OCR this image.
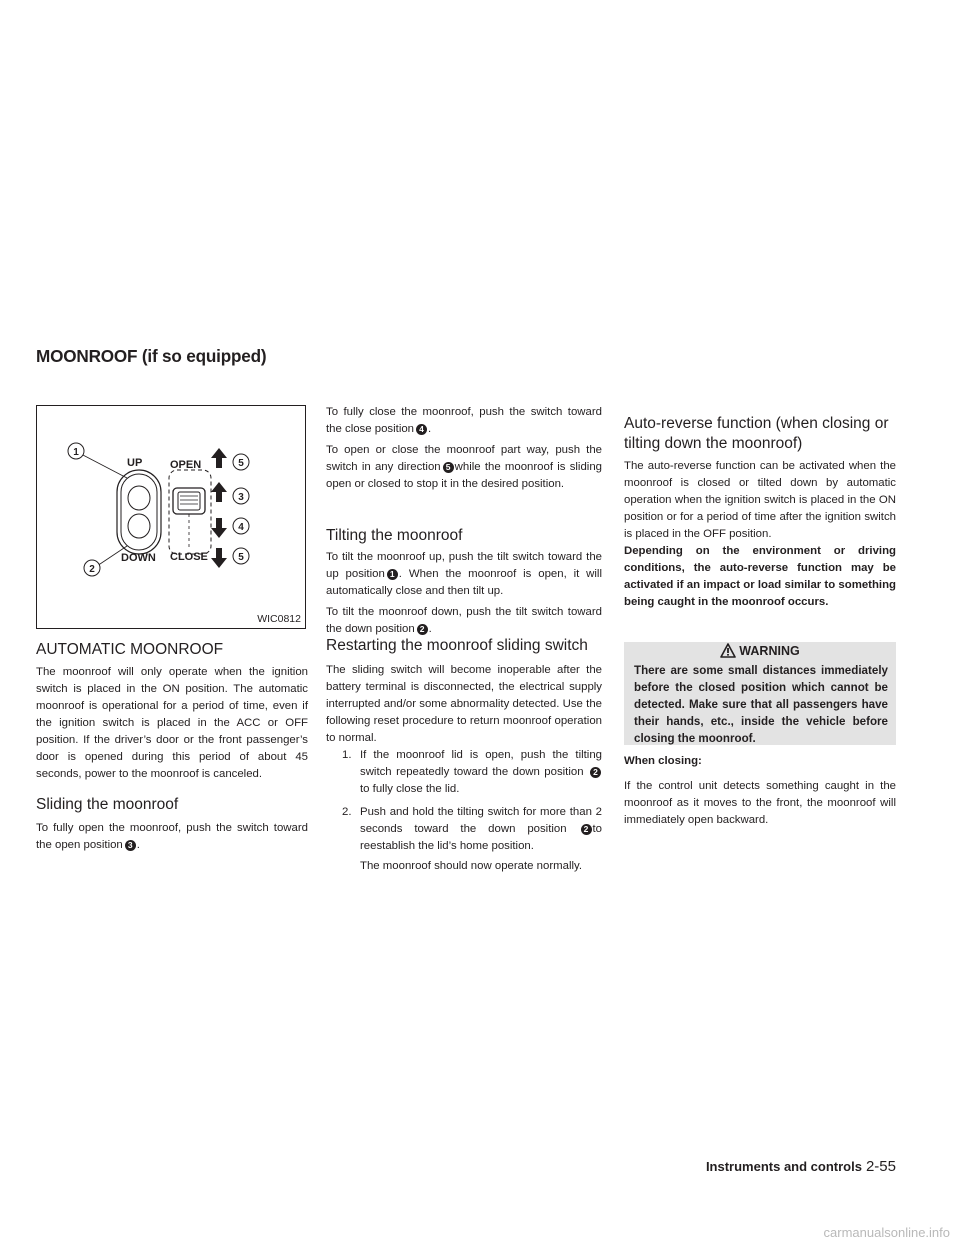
MOONROOF (if so equipped)
UP
DOWN
OPEN
CLOSE
1
2
5
3
4
5
WIC0812
AUTOMATIC MOONROOF

The moonroof will only operate when the ignition switch is placed in the ON position. The automatic moonroof is operational for a period of time, even if the ignition switch is placed in the ACC or OFF position. If the driver’s door or the front passenger’s door is opened during this period of about 45 seconds, power to the moonroof is canceled.

Sliding the moonroof

To fully open the moonroof, push the switch toward the open position 3 .

To fully close the moonroof, push the switch toward the close position 4 .

To open or close the moonroof part way, push the switch in any direction 5 while the moonroof is sliding open or closed to stop it in the desired position.

Tilting the moonroof

To tilt the moonroof up, push the tilt switch toward the up position 1 . When the moonroof is open, it will automatically close and then tilt up.

To tilt the moonroof down, push the tilt switch toward the down position 2 .

Restarting the moonroof sliding switch

The sliding switch will become inoperable after the battery terminal is disconnected, the electrical supply interrupted and/or some abnormality detected. Use the following reset procedure to return moonroof operation to normal.

1. If the moonroof lid is open, push the tilting switch repeatedly toward the down position 2to fully close the lid.
2. Push and hold the tilting switch for more than 2 seconds toward the down position 2 to reestablish the lid’s home position.

The moonroof should now operate normally.

Auto-reverse function (when closing or tilting down the moonroof)

The auto-reverse function can be activated when the moonroof is closed or tilted down by automatic operation when the ignition switch is placed in the ON position or for a period of time after the ignition switch is placed in the OFF position.

Depending on the environment or driving conditions, the auto-reverse function may be activated if an impact or load similar to something being caught in the moonroof occurs.

WARNING

There are some small distances immediately before the closed position which cannot be detected. Make sure that all passengers have their hands, etc., inside the vehicle before closing the moonroof.

When closing:

If the control unit detects something caught in the moonroof as it moves to the front, the moonroof will immediately open backward.

Instruments and controls 2-55
carmanualsonline.info
